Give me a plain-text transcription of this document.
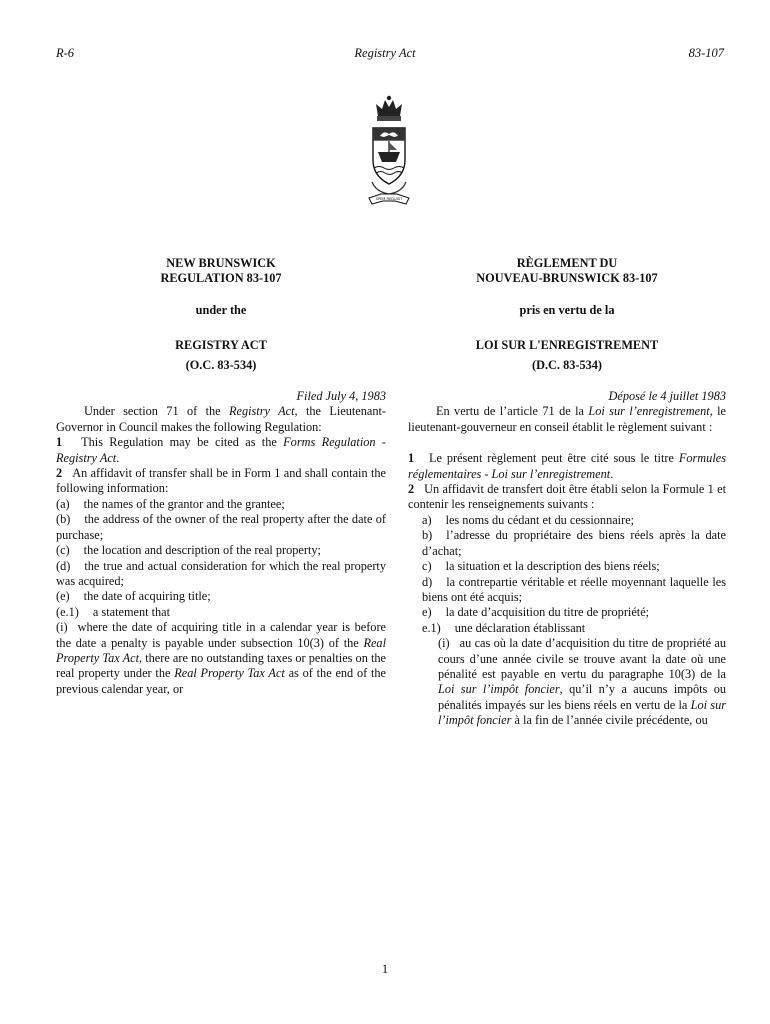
R-6	Registry Act	83-107
SPEM REDUXIT

NEW BRUNSWICK

REGULATION 83-107

under the

REGISTRY ACT

(O.C. 83-534)

Filed July 4, 1983

Under section 71 of the Registry Act, the Lieutenant-Governor in Council makes the following Regulation:

1 This Regulation may be cited as the Forms Regulation - Registry Act.

2 An affidavit of transfer shall be in Form 1 and shall contain the following information:

(a) the names of the grantor and the grantee;

(b) the address of the owner of the real property after the date of purchase;

(c) the location and description of the real property;

(d) the true and actual consideration for which the real property was acquired;

(e) the date of acquiring title;

(e.1) a statement that

(i) where the date of acquiring title in a calendar year is before the date a penalty is payable under subsection 10(3) of the Real Property Tax Act, there are no outstanding taxes or penalties on the real property under the Real Property Tax Act as of the end of the previous calendar year, or

RÈGLEMENT DU

NOUVEAU-BRUNSWICK 83-107

pris en vertu de la

LOI SUR L'ENREGISTREMENT

(D.C. 83-534)

Déposé le 4 juillet 1983

En vertu de l’article 71 de la Loi sur l’enregistrement, le lieutenant-gouverneur en conseil établit le règlement suivant :

1 Le présent règlement peut être cité sous le titre Formules réglementaires - Loi sur l’enregistrement.

2 Un affidavit de transfert doit être établi selon la Formule 1 et contenir les renseignements suivants :

a) les noms du cédant et du cessionnaire;

b) l’adresse du propriétaire des biens réels après la date d’achat;

c) la situation et la description des biens réels;

d) la contrepartie véritable et réelle moyennant laquelle les biens ont été acquis;

e) la date d’acquisition du titre de propriété;

e.1) une déclaration établissant

(i) au cas où la date d’acquisition du titre de propriété au cours d’une année civile se trouve avant la date où une pénalité est payable en vertu du paragraphe 10(3) de la Loi sur l’impôt foncier, qu’il n’y a aucuns impôts ou pénalités impayés sur les biens réels en vertu de la Loi sur l’impôt foncier à la fin de l’année civile précédente, ou

1
